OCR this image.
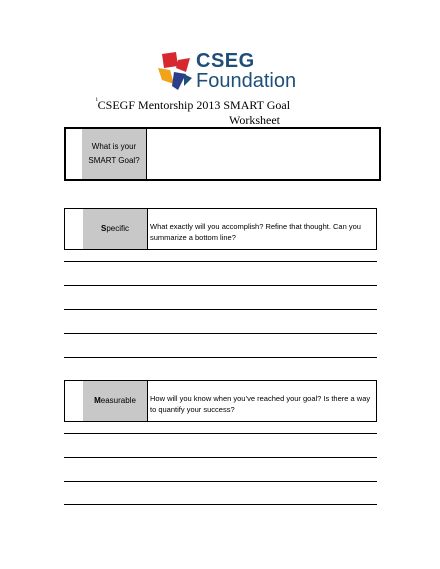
CSEG
Foundation
$^i$CSEGF Mentorship 2013 SMART Goal
Worksheet
What is your SMART Goal?
Specific	What exactly will you accomplish? Refine that thought. Can you summarize a bottom line?
Measurable How will you know when you’ve reached your goal? Is there a way to quantify your success?
